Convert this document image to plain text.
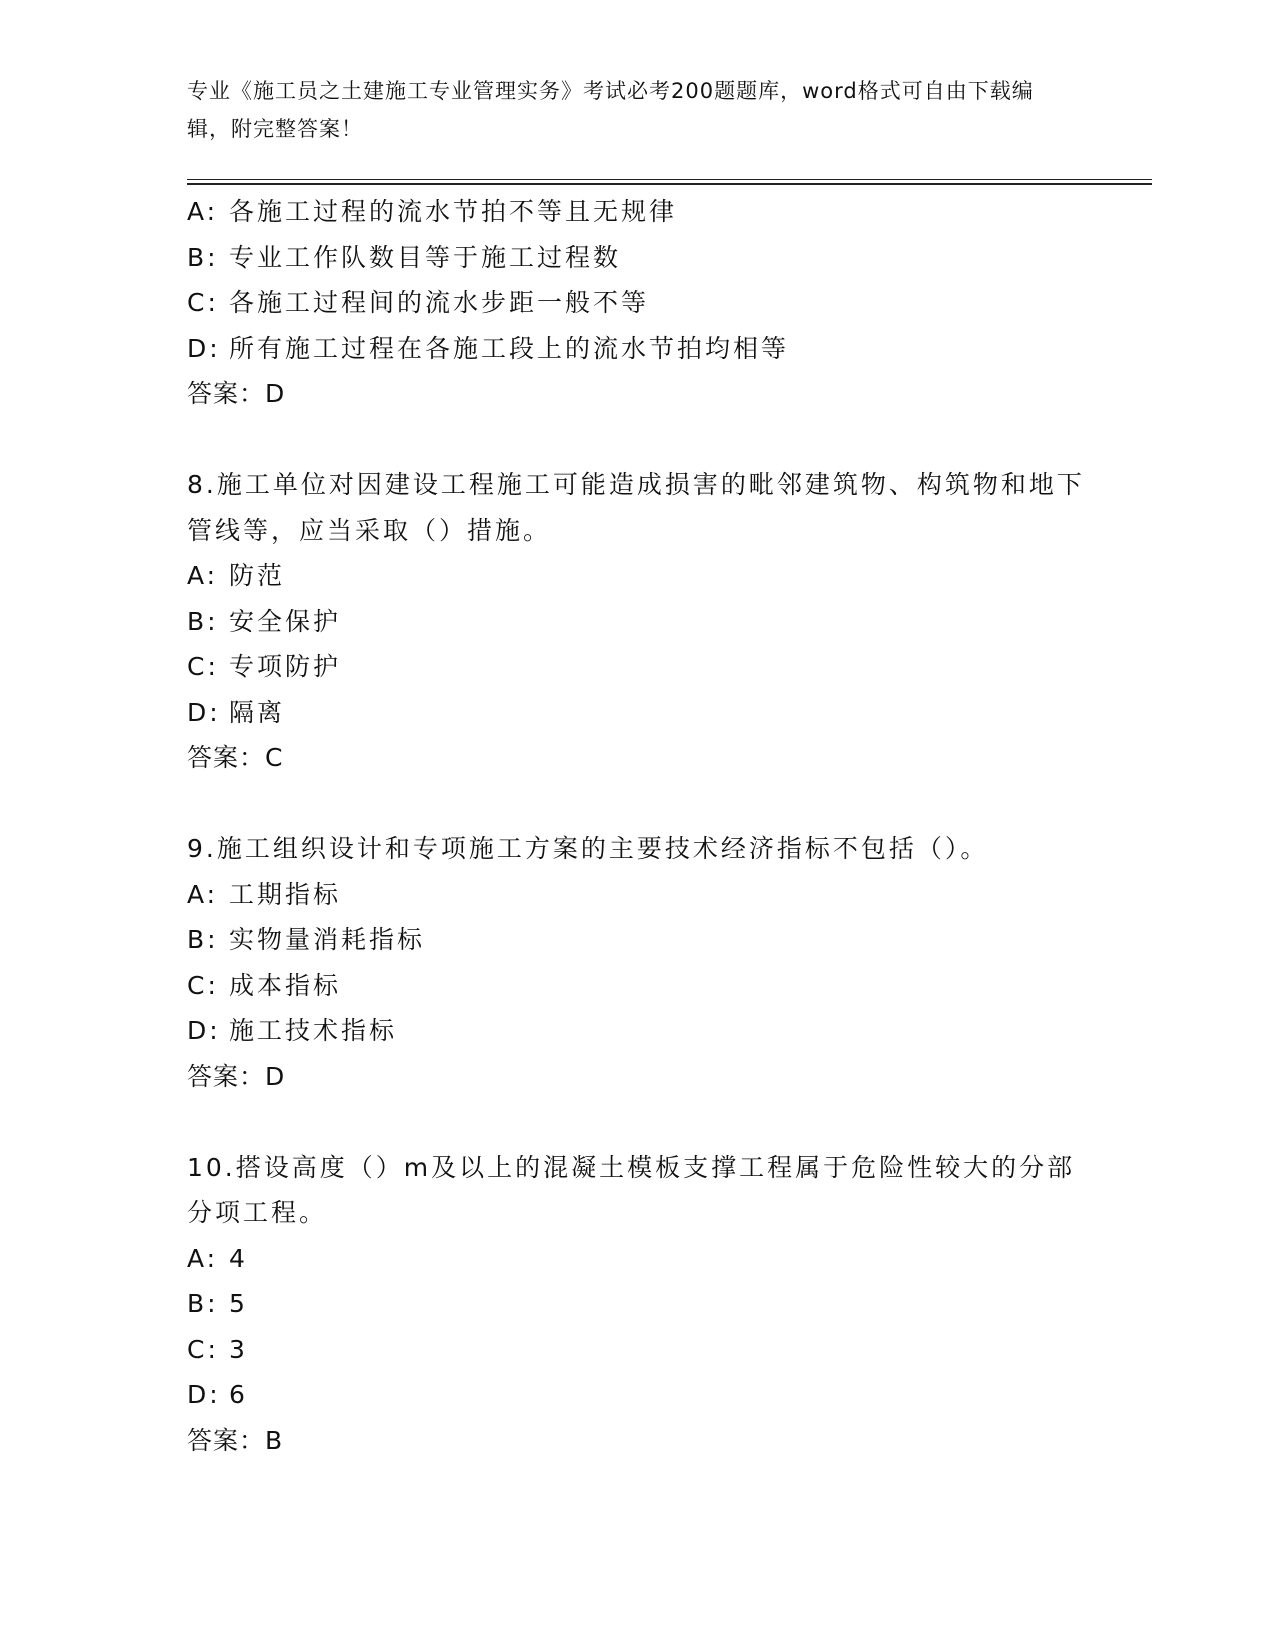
专业《施工员之土建施工专业管理实务》考试必考200题题库，word格式可自由下载编辑，附完整答案！
A: 各施工过程的流水节拍不等且无规律
B: 专业工作队数目等于施工过程数
C: 各施工过程间的流水步距一般不等
D: 所有施工过程在各施工段上的流水节拍均相等
答案：D
8.施工单位对因建设工程施工可能造成损害的毗邻建筑物、构筑物和地下管线等，应当采取（）措施。
A: 防范
B: 安全保护
C: 专项防护
D: 隔离
答案：C
9.施工组织设计和专项施工方案的主要技术经济指标不包括（）。
A: 工期指标
B: 实物量消耗指标
C: 成本指标
D: 施工技术指标
答案：D
10.搭设高度（）m及以上的混凝土模板支撑工程属于危险性较大的分部分项工程。
A: 4
B: 5
C: 3
D: 6
答案：B
